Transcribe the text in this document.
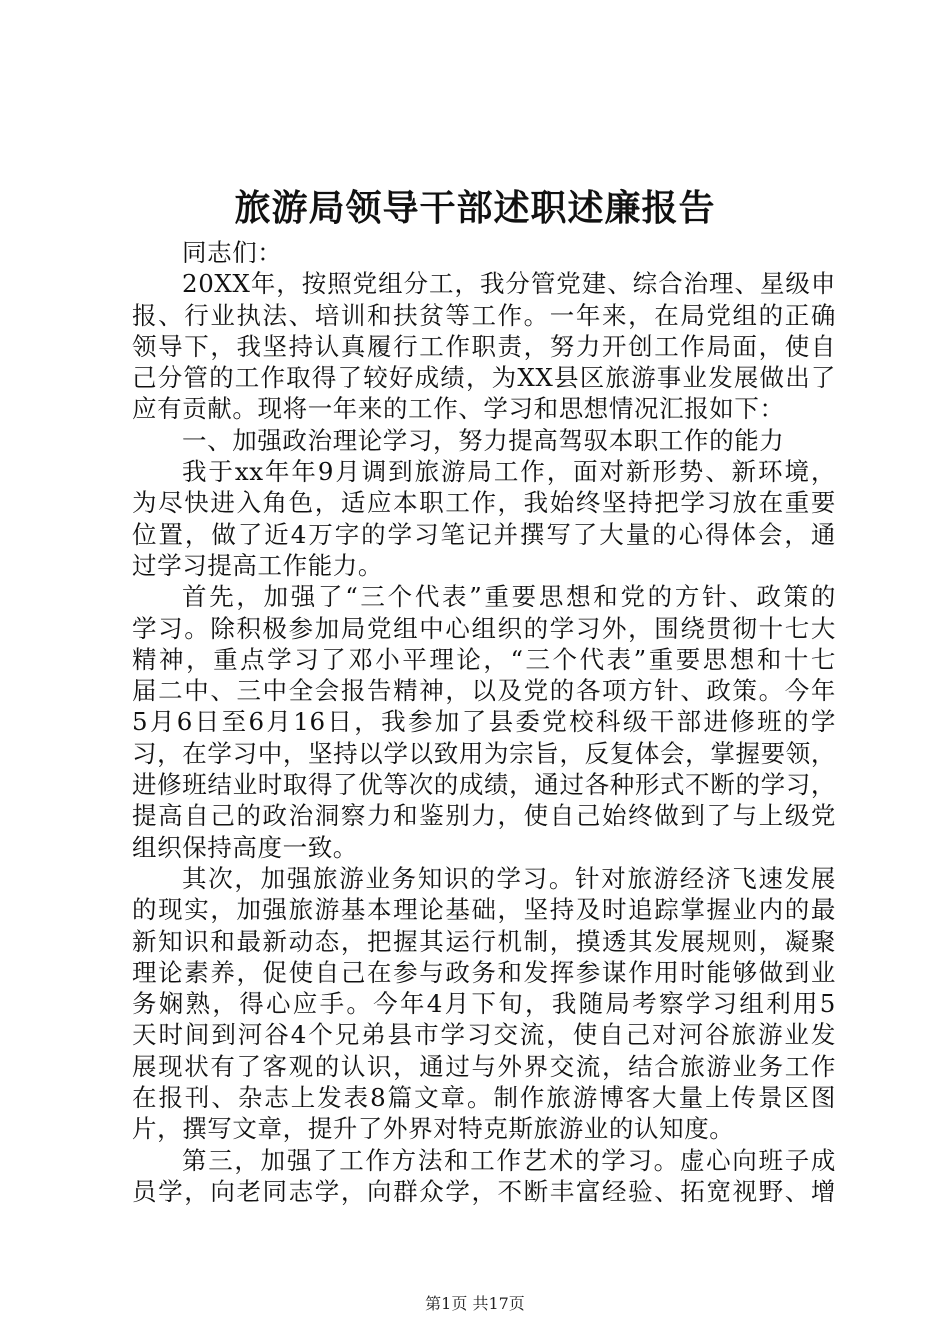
旅游局领导干部述职述廉报告
同志们：
20XX年，按照党组分工，我分管党建、综合治理、星级申
报、行业执法、培训和扶贫等工作。一年来，在局党组的正确
领导下，我坚持认真履行工作职责，努力开创工作局面，使自
己分管的工作取得了较好成绩，为XX县区旅游事业发展做出了
应有贡献。现将一年来的工作、学习和思想情况汇报如下：
一、加强政治理论学习，努力提高驾驭本职工作的能力
我于xx年年9月调到旅游局工作，面对新形势、新环境，
为尽快进入角色，适应本职工作，我始终坚持把学习放在重要
位置，做了近4万字的学习笔记并撰写了大量的心得体会，通
过学习提高工作能力。
首先，加强了“三个代表”重要思想和党的方针、政策的
学习。除积极参加局党组中心组织的学习外，围绕贯彻十七大
精神，重点学习了邓小平理论，“三个代表”重要思想和十七
届二中、三中全会报告精神，以及党的各项方针、政策。今年
5月6日至6月16日，我参加了县委党校科级干部进修班的学
习，在学习中，坚持以学以致用为宗旨，反复体会，掌握要领，
进修班结业时取得了优等次的成绩，通过各种形式不断的学习，
提高自己的政治洞察力和鉴别力，使自己始终做到了与上级党
组织保持高度一致。
其次，加强旅游业务知识的学习。针对旅游经济飞速发展
的现实，加强旅游基本理论基础，坚持及时追踪掌握业内的最
新知识和最新动态，把握其运行机制，摸透其发展规则，凝聚
理论素养，促使自己在参与政务和发挥参谋作用时能够做到业
务娴熟，得心应手。今年4月下旬，我随局考察学习组利用5
天时间到河谷4个兄弟县市学习交流，使自己对河谷旅游业发
展现状有了客观的认识，通过与外界交流，结合旅游业务工作
在报刊、杂志上发表8篇文章。制作旅游博客大量上传景区图
片，撰写文章，提升了外界对特克斯旅游业的认知度。
第三，加强了工作方法和工作艺术的学习。虚心向班子成
员学，向老同志学，向群众学，不断丰富经验、拓宽视野、增
第1页 共17页
